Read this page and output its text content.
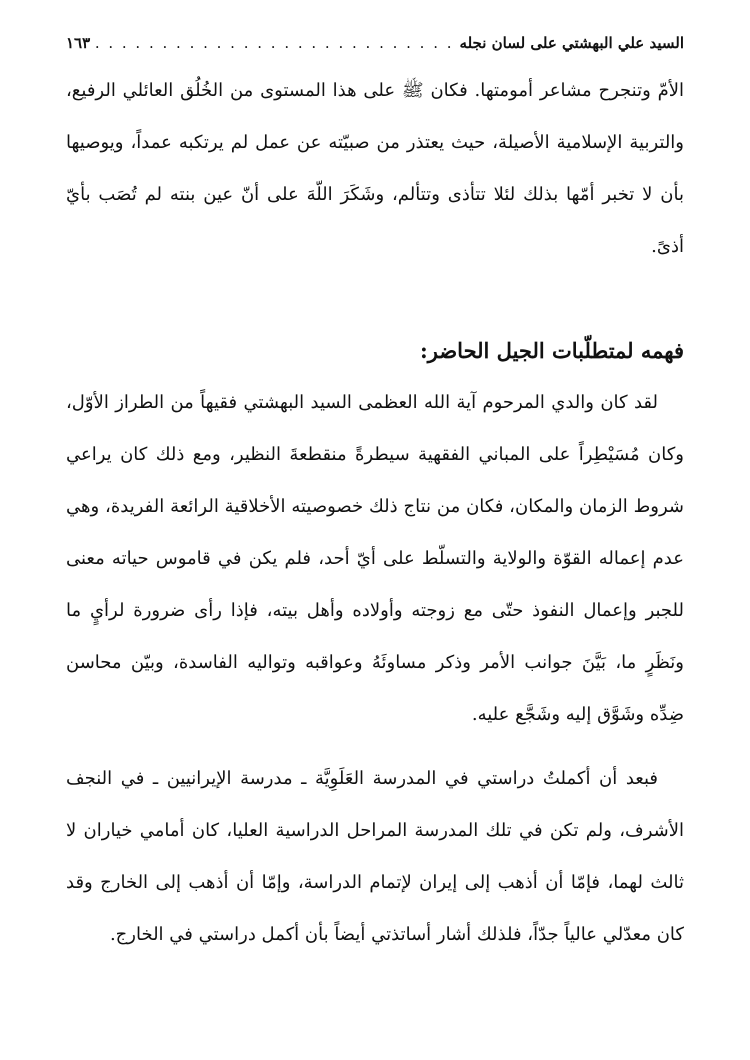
السيد علي البهشتي على لسان نجله
. . .
١٦٣

الأمّ وتنجرح مشاعر أمومتها. فكان ﷺ على هذا المستوى من الخُلُق العائلي الرفيع، والتربية الإسلامية الأصيلة، حيث يعتذر من صبيّته عن عمل لم يرتكبه عمداً، ويوصيها بأن لا تخبر أمّها بذلك لئلا تتأذى وتتألم، وشَكَرَ اللّهَ على أنّ عين بنته لم تُصَب بأيّ أذىً.

فهمه لمتطلّبات الجيل الحاضر:

لقد كان والدي المرحوم آية الله العظمى السيد البهشتي فقيهاً من الطراز الأوّل، وكان مُسَيْطِراً على المباني الفقهية سيطرةً منقطعةَ النظير، ومع ذلك كان يراعي شروط الزمان والمكان، فكان من نتاج ذلك خصوصيته الأخلاقية الرائعة الفريدة، وهي عدم إعماله القوّة والولاية والتسلّط على أيّ أحد، فلم يكن في قاموس حياته معنى للجبر وإعمال النفوذ حتّى مع زوجته وأولاده وأهل بيته، فإذا رأى ضرورة لرأيٍ ما ونَظَرٍ ما، بَيَّنَ جوانب الأمر وذكر مساوئَهُ وعواقبه وتواليه الفاسدة، وبيّن محاسن ضِدِّه وشَوَّق إليه وشَجَّع عليه.

فبعد أن أكملتُ دراستي في المدرسة العَلَوِيَّة ـ مدرسة الإيرانيين ـ في النجف الأشرف، ولم تكن في تلك المدرسة المراحل الدراسية العليا، كان أمامي خياران لا ثالث لهما، فإمّا أن أذهب إلى إيران لإتمام الدراسة، وإمّا أن أذهب إلى الخارج وقد كان معدّلي عالياً جدّاً، فلذلك أشار أساتذتي أيضاً بأن أكمل دراستي في الخارج.
